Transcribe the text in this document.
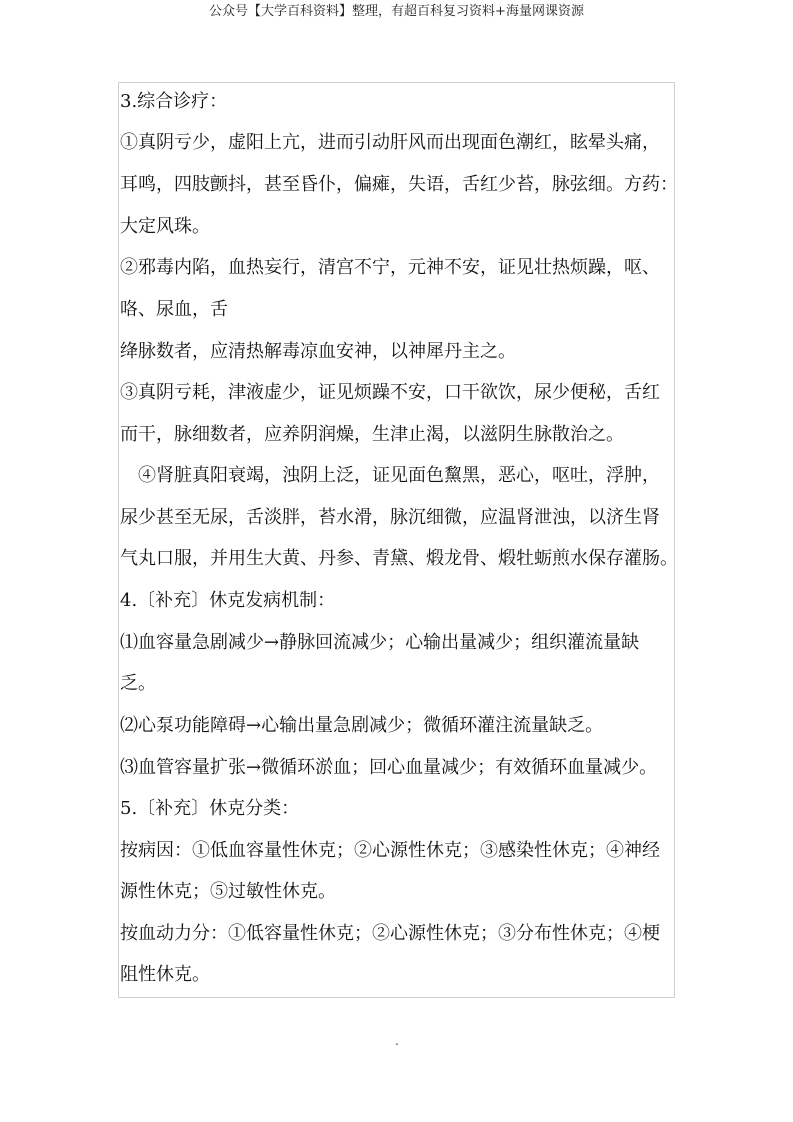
公众号【大学百科资料】整理，有超百科复习资料+海量网课资源
3.综合诊疗：
①真阴亏少，虚阳上亢，进而引动肝风而出现面色潮红，眩晕头痛，
耳鸣，四肢颤抖，甚至昏仆，偏瘫，失语，舌红少苔，脉弦细。方药：
大定风珠。
②邪毒内陷，血热妄行，清宫不宁，元神不安，证见壮热烦躁，呕、
咯、尿血，舌
绛脉数者，应清热解毒凉血安神，以神犀丹主之。
③真阴亏耗，津液虚少，证见烦躁不安，口干欲饮，尿少便秘，舌红
而干，脉细数者，应养阴润燥，生津止渴，以滋阴生脉散治之。
④肾脏真阳衰竭，浊阴上泛，证见面色黧黑，恶心，呕吐，浮肿，
尿少甚至无尿，舌淡胖，苔水滑，脉沉细微，应温肾泄浊，以济生肾
气丸口服，并用生大黄、丹参、青黛、煅龙骨、煅牡蛎煎水保存灌肠。
4.〔补充〕休克发病机制：
⑴血容量急剧减少→静脉回流减少；心输出量减少；组织灌流量缺
乏。
⑵心泵功能障碍→心输出量急剧减少；微循环灌注流量缺乏。
⑶血管容量扩张→微循环淤血；回心血量减少；有效循环血量减少。
5.〔补充〕休克分类：
按病因：①低血容量性休克；②心源性休克；③感染性休克；④神经
源性休克；⑤过敏性休克。
按血动力分：①低容量性休克；②心源性休克；③分布性休克；④梗
阻性休克。
.
